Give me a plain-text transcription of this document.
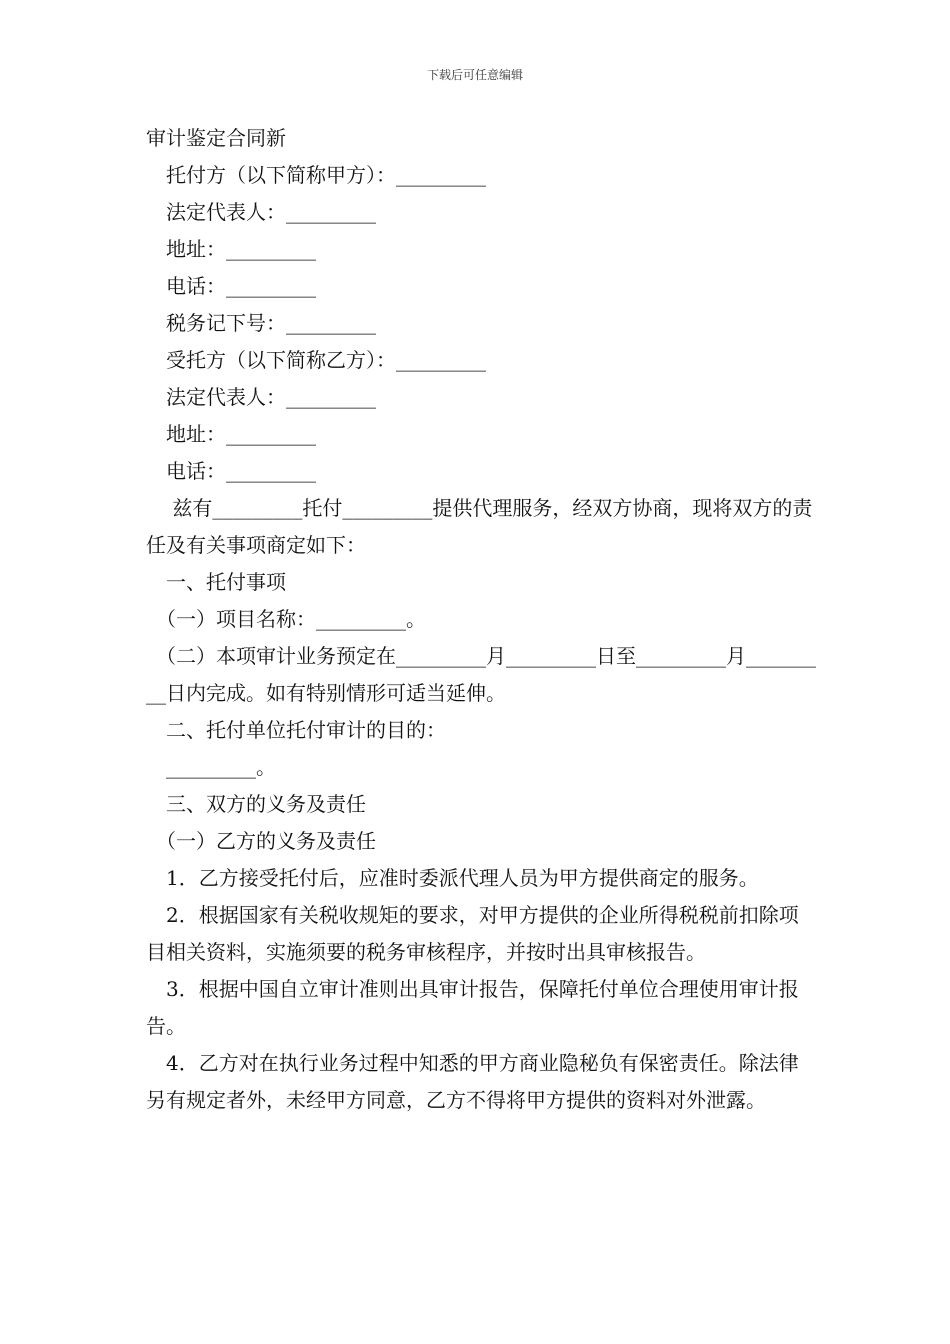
下载后可任意编辑
审计鉴定合同新
　托付方（以下简称甲方）：_________
　法定代表人：_________
　地址：_________
　电话：_________
　税务记下号：_________
　受托方（以下简称乙方）：_________
　法定代表人：_________
　地址：_________
　电话：_________
　 兹有_________托付_________提供代理服务，经双方协商，现将双方的责任及有关事项商定如下：
　一、托付事项
　（一）项目名称：_________。
　（二）本项审计业务预定在_________月_________日至_________月_________日内完成。如有特别情形可适当延伸。
　二、托付单位托付审计的目的：
　_________。
　三、双方的义务及责任
　（一）乙方的义务及责任
　1．乙方接受托付后，应准时委派代理人员为甲方提供商定的服务。
　2．根据国家有关税收规矩的要求，对甲方提供的企业所得税税前扣除项目相关资料，实施须要的税务审核程序，并按时出具审核报告。
　3．根据中国自立审计准则出具审计报告，保障托付单位合理使用审计报告。
　4．乙方对在执行业务过程中知悉的甲方商业隐秘负有保密责任。除法律另有规定者外，未经甲方同意，乙方不得将甲方提供的资料对外泄露。
